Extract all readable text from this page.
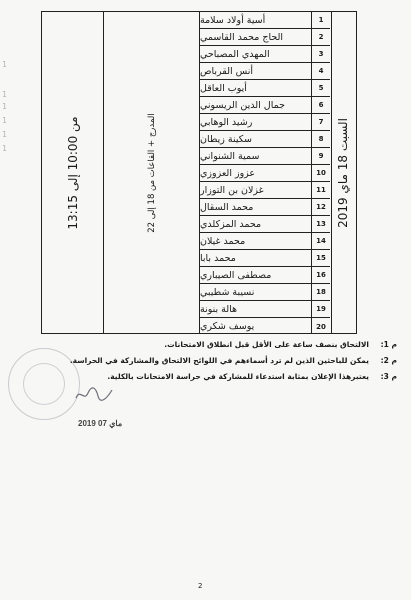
1
1
1
1
1
1
من 10:00 إلى 13:15
المدرج + القاعات من 18 إلى 22
أسية أولاد سلامة
الحاج محمد القاسمي
المهدي المصباحي
أنس القرباص
أيوب العاقل
جمال الدين الريسوني
رشيد الوهابي
سكينة زيطان
سمية الشنواني
عزوز العزوزي
غزلان بن التوزار
محمد السقال
محمد المزكلدي
محمد غيلان
محمد بابا
مصطفى الصيباري
نسيبة شطيبي
هالة بنونة
يوسف شكري
1
2
3
4
5
6
7
8
9
10
11
12
13
14
15
16
18
19
20
السبت 18 ماي 2019
م 1:
الالتحاق بنصف ساعة على الأقل قبل انطلاق الامتحانات.
م 2:
يمكن للباحثين الذين لم ترد أسماءهم في اللوائح الالتحاق والمشاركة في الحراسة.
م 3:
يعتبرهذا الإعلان بمثابة استدعاء للمشاركة في حراسة الامتحانات بالكلية.
2019 07 ماي
2
